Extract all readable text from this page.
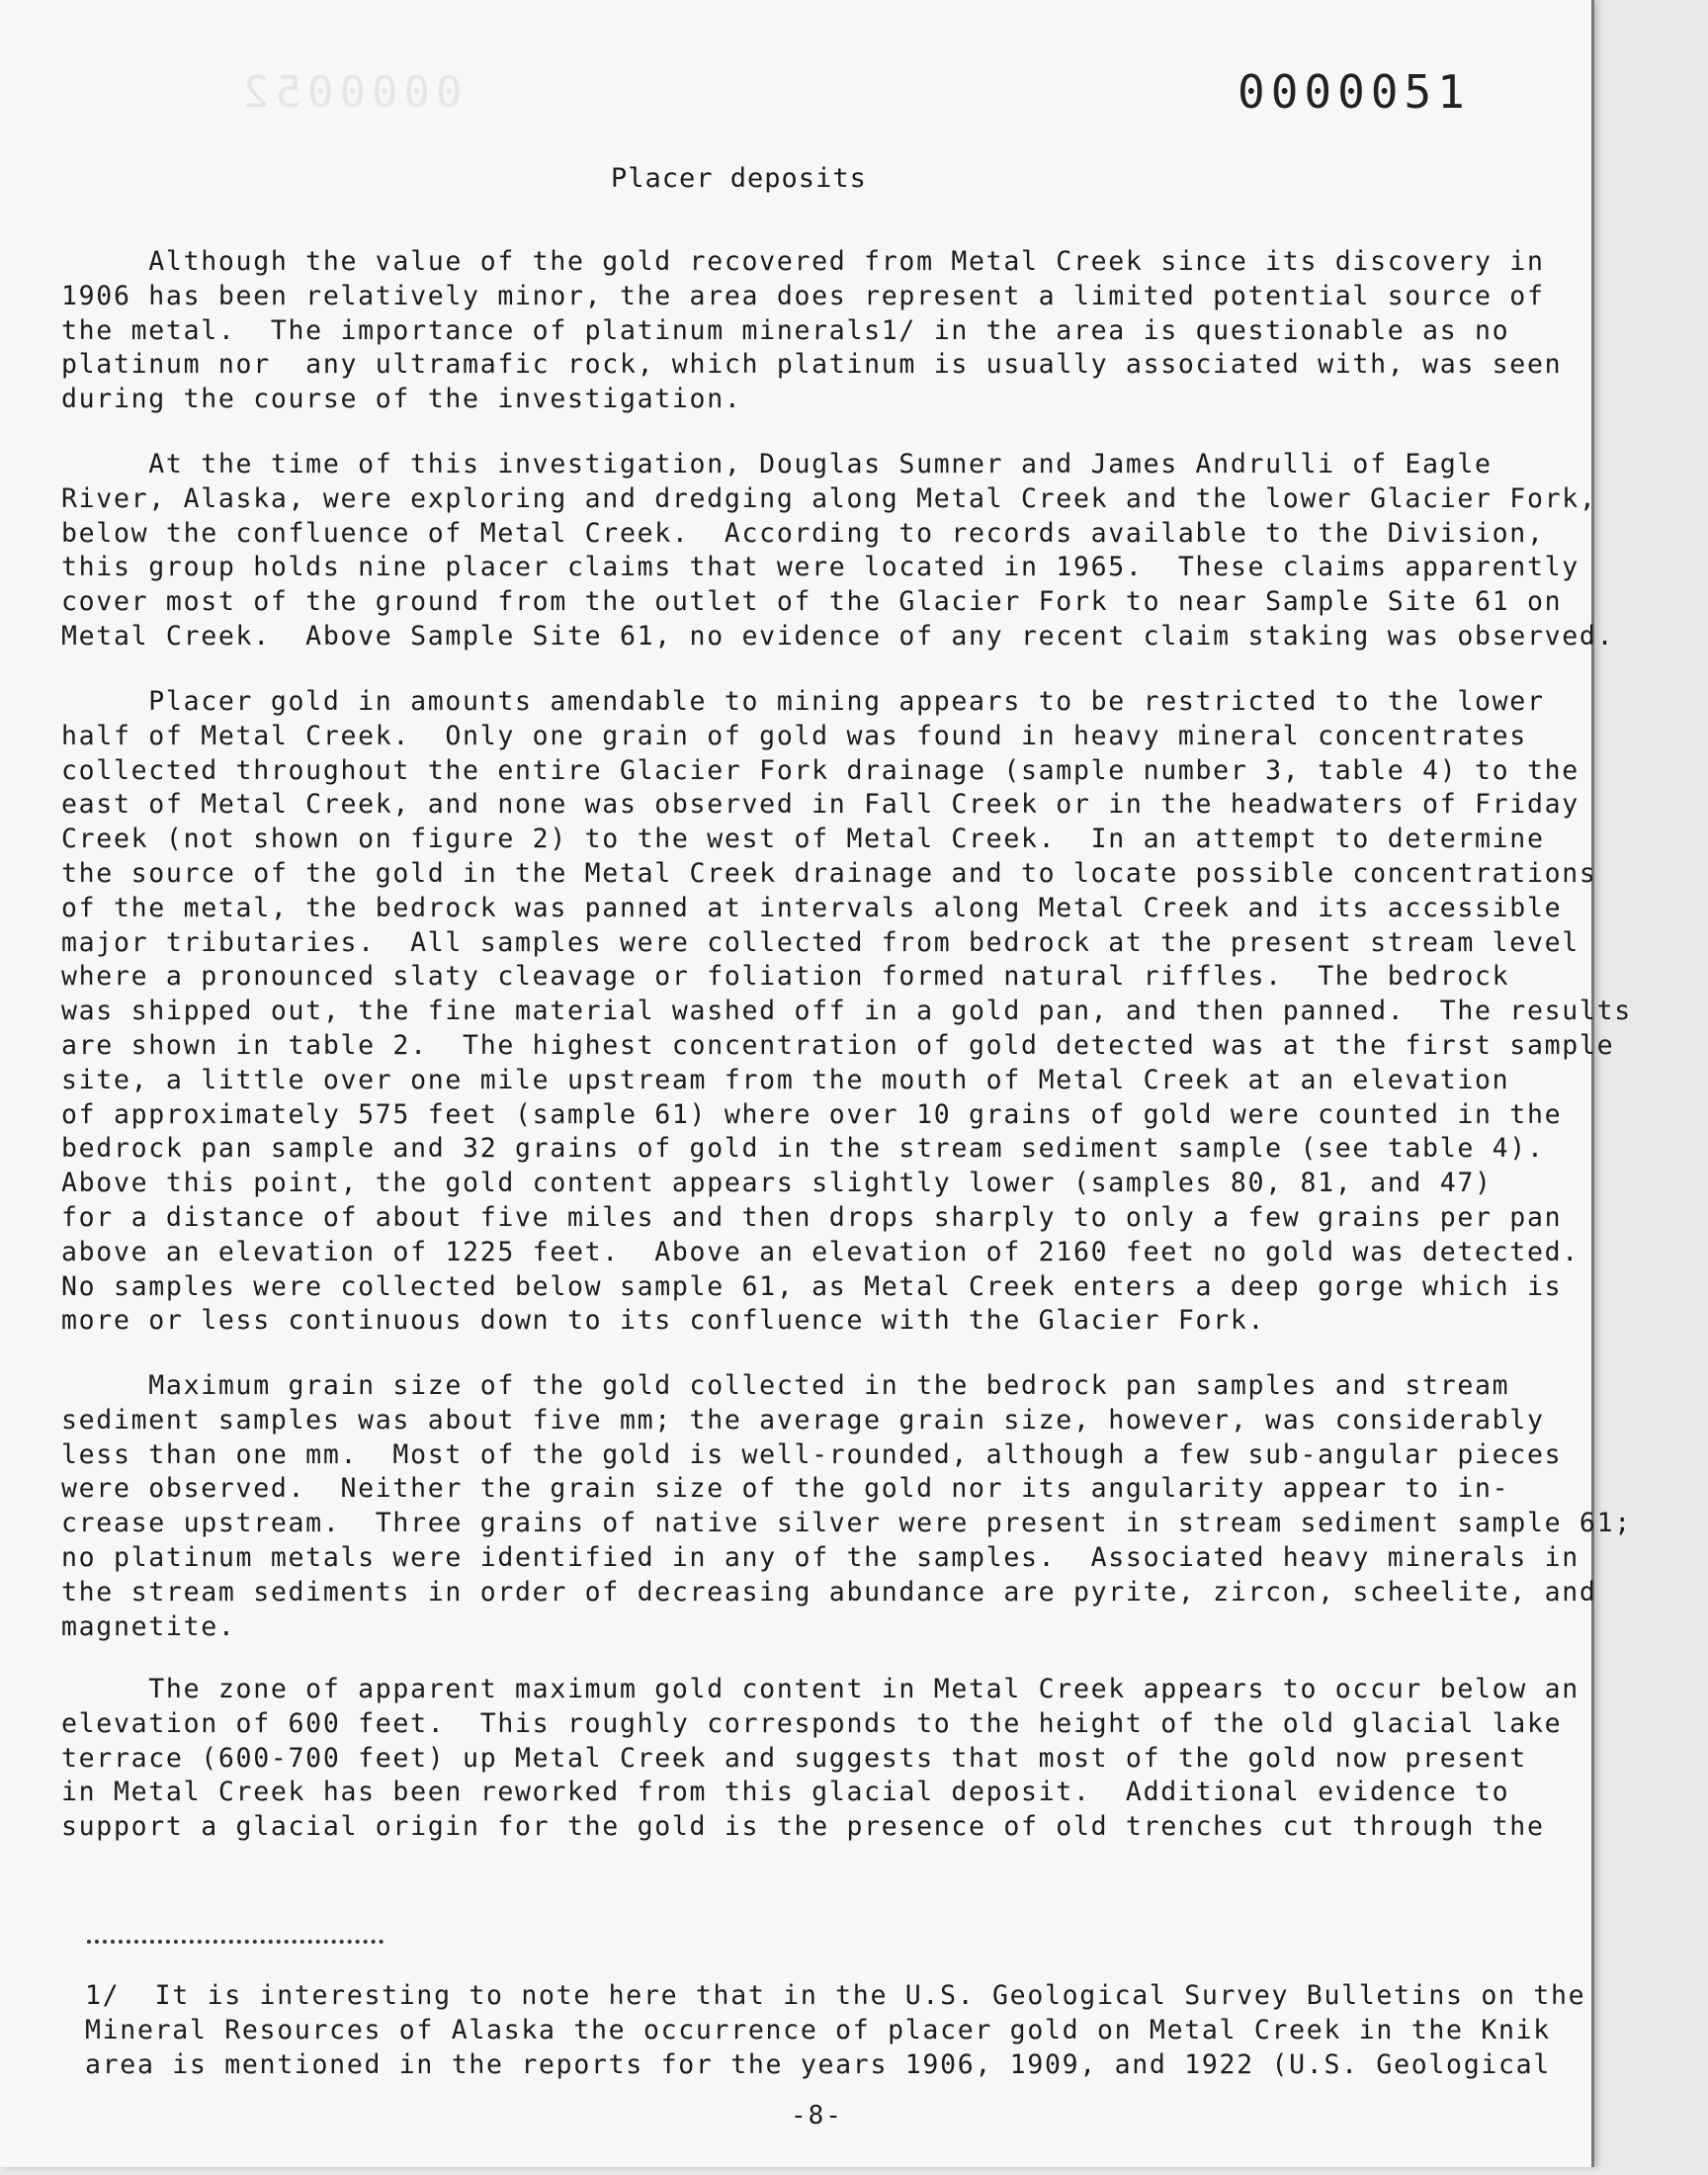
0000052	0000051
Placer deposits
Although the value of the gold recovered from Metal Creek since its discovery in
1906 has been relatively minor, the area does represent a limited potential source of
the metal.  The importance of platinum minerals1/ in the area is questionable as no
platinum nor  any ultramafic rock, which platinum is usually associated with, was seen
during the course of the investigation.
At the time of this investigation, Douglas Sumner and James Andrulli of Eagle
River, Alaska, were exploring and dredging along Metal Creek and the lower Glacier Fork,
below the confluence of Metal Creek.  According to records available to the Division,
this group holds nine placer claims that were located in 1965.  These claims apparently
cover most of the ground from the outlet of the Glacier Fork to near Sample Site 61 on
Metal Creek.  Above Sample Site 61, no evidence of any recent claim staking was observed.
Placer gold in amounts amendable to mining appears to be restricted to the lower
half of Metal Creek.  Only one grain of gold was found in heavy mineral concentrates
collected throughout the entire Glacier Fork drainage (sample number 3, table 4) to the
east of Metal Creek, and none was observed in Fall Creek or in the headwaters of Friday
Creek (not shown on figure 2) to the west of Metal Creek.  In an attempt to determine
the source of the gold in the Metal Creek drainage and to locate possible concentrations
of the metal, the bedrock was panned at intervals along Metal Creek and its accessible
major tributaries.  All samples were collected from bedrock at the present stream level
where a pronounced slaty cleavage or foliation formed natural riffles.  The bedrock
was shipped out, the fine material washed off in a gold pan, and then panned.  The results
are shown in table 2.  The highest concentration of gold detected was at the first sample
site, a little over one mile upstream from the mouth of Metal Creek at an elevation
of approximately 575 feet (sample 61) where over 10 grains of gold were counted in the
bedrock pan sample and 32 grains of gold in the stream sediment sample (see table 4).
Above this point, the gold content appears slightly lower (samples 80, 81, and 47)
for a distance of about five miles and then drops sharply to only a few grains per pan
above an elevation of 1225 feet.  Above an elevation of 2160 feet no gold was detected.
No samples were collected below sample 61, as Metal Creek enters a deep gorge which is
more or less continuous down to its confluence with the Glacier Fork.
Maximum grain size of the gold collected in the bedrock pan samples and stream
sediment samples was about five mm; the average grain size, however, was considerably
less than one mm.  Most of the gold is well-rounded, although a few sub-angular pieces
were observed.  Neither the grain size of the gold nor its angularity appear to in-
crease upstream.  Three grains of native silver were present in stream sediment sample 61;
no platinum metals were identified in any of the samples.  Associated heavy minerals in
the stream sediments in order of decreasing abundance are pyrite, zircon, scheelite, and
magnetite.
The zone of apparent maximum gold content in Metal Creek appears to occur below an
elevation of 600 feet.  This roughly corresponds to the height of the old glacial lake
terrace (600-700 feet) up Metal Creek and suggests that most of the gold now present
in Metal Creek has been reworked from this glacial deposit.  Additional evidence to
support a glacial origin for the gold is the presence of old trenches cut through the
1/  It is interesting to note here that in the U.S. Geological Survey Bulletins on the
Mineral Resources of Alaska the occurrence of placer gold on Metal Creek in the Knik
area is mentioned in the reports for the years 1906, 1909, and 1922 (U.S. Geological
-8-
